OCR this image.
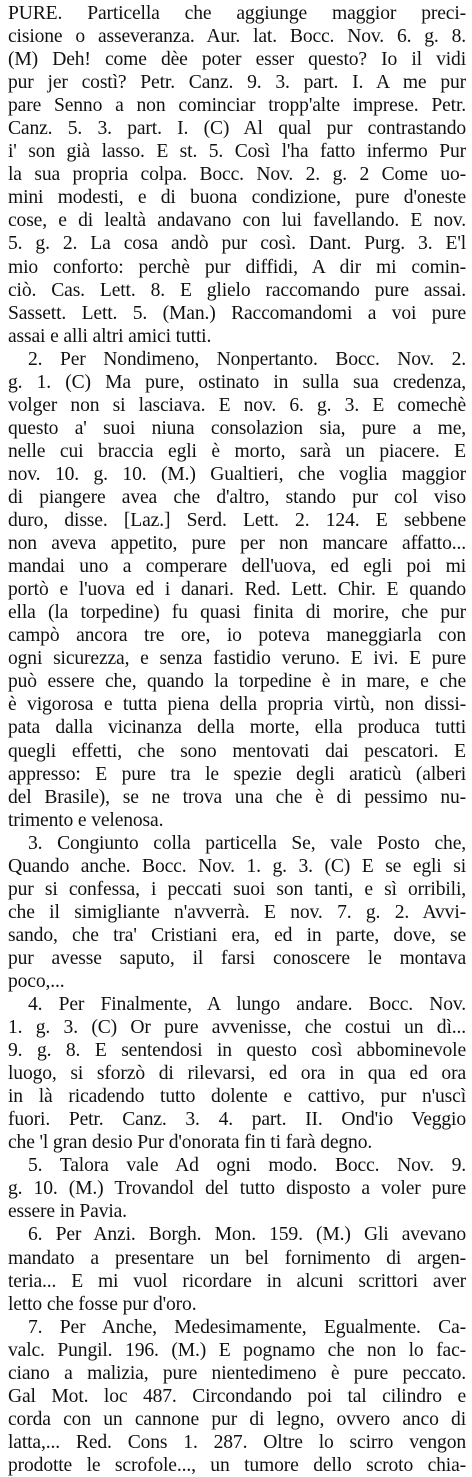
PURE. Particella che aggiunge maggior preci-
cisione o asseveranza. Aur. lat. Bocc. Nov. 6. g. 8.
(M) Deh! come dèe poter esser questo? Io il vidi
pur jer costì? Petr. Canz. 9. 3. part. I. A me pur
pare Senno a non cominciar tropp'alte imprese. Petr.
Canz. 5. 3. part. I. (C) Al qual pur contrastando
i' son già lasso. E st. 5. Così l'ha fatto infermo Pur
la sua propria colpa. Bocc. Nov. 2. g. 2 Come uo-
mini modesti, e di buona condizione, pure d'oneste
cose, e di lealtà andavano con lui favellando. E nov.
5. g. 2. La cosa andò pur così. Dant. Purg. 3. E'l
mio conforto: perchè pur diffidi, A dir mi comin-
ciò. Cas. Lett. 8. E glielo raccomando pure assai.
Sassett. Lett. 5. (Man.) Raccomandomi a voi pure
assai e alli altri amici tutti.
2. Per Nondimeno, Nonpertanto. Bocc. Nov. 2.
g. 1. (C) Ma pure, ostinato in sulla sua credenza,
volger non si lasciava. E nov. 6. g. 3. E comechè
questo a' suoi niuna consolazion sia, pure a me,
nelle cui braccia egli è morto, sarà un piacere. E
nov. 10. g. 10. (M.) Gualtieri, che voglia maggior
di piangere avea che d'altro, stando pur col viso
duro, disse. [Laz.] Serd. Lett. 2. 124. E sebbene
non aveva appetito, pure per non mancare affatto...
mandai uno a comperare dell'uova, ed egli poi mi
portò e l'uova ed i danari. Red. Lett. Chir. E quando
ella (la torpedine) fu quasi finita di morire, che pur
campò ancora tre ore, io poteva maneggiarla con
ogni sicurezza, e senza fastidio veruno. E ivi. E pure
può essere che, quando la torpedine è in mare, e che
è vigorosa e tutta piena della propria virtù, non dissi-
pata dalla vicinanza della morte, ella produca tutti
quegli effetti, che sono mentovati dai pescatori. E
appresso: E pure tra le spezie degli araticù (alberi
del Brasile), se ne trova una che è di pessimo nu-
trimento e velenosa.
3. Congiunto colla particella Se, vale Posto che,
Quando anche. Bocc. Nov. 1. g. 3. (C) E se egli si
pur si confessa, i peccati suoi son tanti, e sì orribili,
che il simigliante n'avverrà. E nov. 7. g. 2. Avvi-
sando, che tra' Cristiani era, ed in parte, dove, se
pur avesse saputo, il farsi conoscere le montava
poco,...
4. Per Finalmente, A lungo andare. Bocc. Nov.
1. g. 3. (C) Or pure avvenisse, che costui un dì...
9. g. 8. E sentendosi in questo così abbominevole
luogo, si sforzò di rilevarsi, ed ora in qua ed ora
in là ricadendo tutto dolente e cattivo, pur n'uscì
fuori. Petr. Canz. 3. 4. part. II. Ond'io Veggio
che 'l gran desio Pur d'onorata fin ti farà degno.
5. Talora vale Ad ogni modo. Bocc. Nov. 9.
g. 10. (M.) Trovandol del tutto disposto a voler pure
essere in Pavia.
6. Per Anzi. Borgh. Mon. 159. (M.) Gli avevano
mandato a presentare un bel fornimento di argen-
teria... E mi vuol ricordare in alcuni scrittori aver
letto che fosse pur d'oro.
7. Per Anche, Medesimamente, Egualmente. Ca-
valc. Pungil. 196. (M.) E pognamo che non lo fac-
ciano a malizia, pure nientedimeno è pure peccato.
Gal Mot. loc 487. Circondando poi tal cilindro e
corda con un cannone pur di legno, ovvero anco di
latta,... Red. Cons 1. 287. Oltre lo scirro vengon
prodotte le scrofole..., un tumore dello scroto chia-
